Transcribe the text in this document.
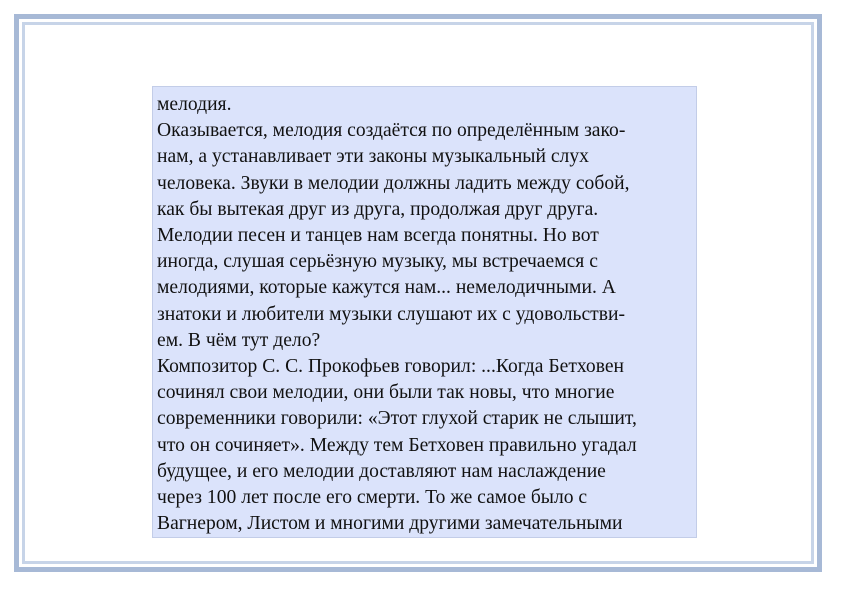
мелодия.
Оказывается, мелодия создаётся по определённым зако-
нам, а устанавливает эти законы музыкальный слух
человека. Звуки в мелодии должны ладить между собой,
как бы вытекая друг из друга, продолжая друг друга.
Мелодии песен и танцев нам всегда понятны. Но вот
иногда, слушая серьёзную музыку, мы встречаемся с
мелодиями, которые кажутся нам... немелодичными. А
знатоки и любители музыки слушают их с удовольстви-
ем. В чём тут дело?
Композитор С. С. Прокофьев говорил: ...Когда Бетховен
сочинял свои мелодии, они были так новы, что многие
современники говорили: «Этот глухой старик не слышит,
что он сочиняет». Между тем Бетховен правильно угадал
будущее, и его мелодии доставляют нам наслаждение
через 100 лет после его смерти. То же самое было с
Вагнером, Листом и многими другими замечательными
